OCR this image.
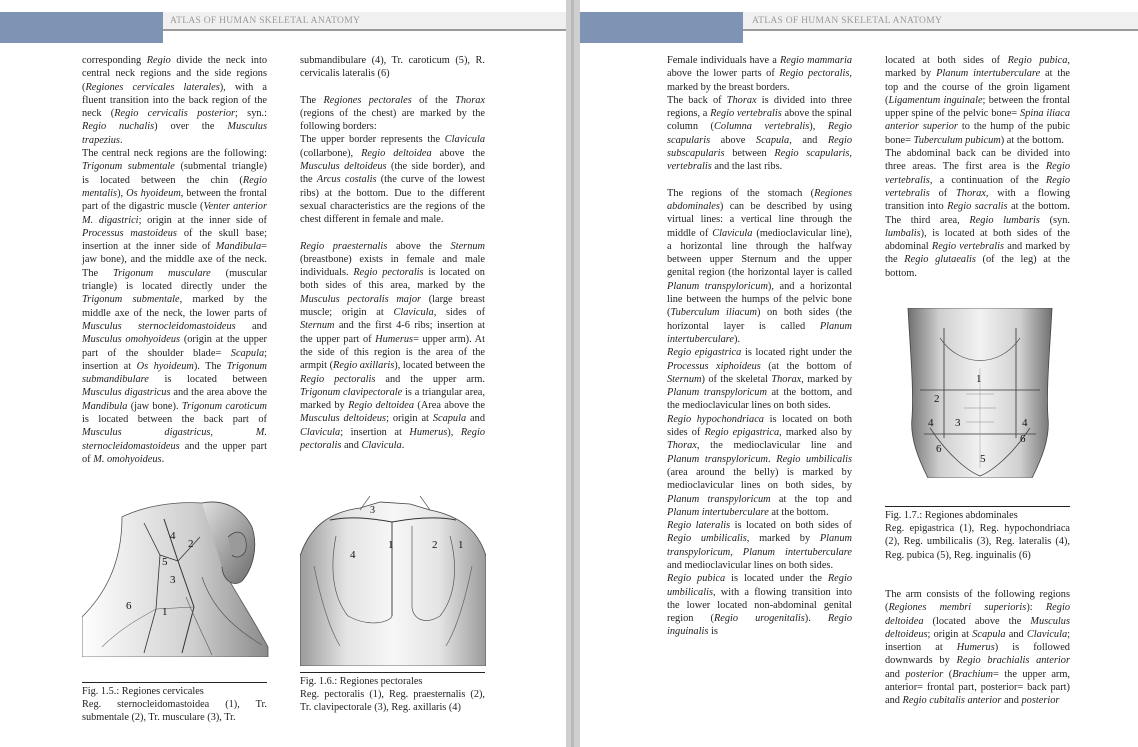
ATLAS OF HUMAN SKELETAL ANATOMY

corresponding Regio divide the neck into central neck regions and the side regions (Regiones cervicales laterales), with a fluent transition into the back region of the neck (Regio cervicalis posterior; syn.: Regio nuchalis) over the Musculus trapezius.

The central neck regions are the following: Trigonum submentale (submental triangle) is located between the chin (Regio mentalis), Os hyoideum, between the frontal part of the digastric muscle (Venter anterior M. digastrici; origin at the inner side of Processus mastoideus of the skull base; insertion at the inner side of Mandibula= jaw bone), and the middle axe of the neck. The Trigonum musculare (muscular triangle) is located directly under the Trigonum submentale, marked by the middle axe of the neck, the lower parts of Musculus sternocleidomastoideus and Musculus omohyoideus (origin at the upper part of the shoulder blade= Scapula; insertion at Os hyoideum). The Trigonum submandibulare is located between Musculus digastricus and the area above the Mandibula (jaw bone). Trigonum caroticum is located between the back part of Musculus digastricus, M. sternocleidomastoideus and the upper part of M. omohyoideus.

submandibulare (4), Tr. caroticum (5), R. cervicalis lateralis (6)

The Regiones pectorales of the Thorax (regions of the chest) are marked by the following borders:

The upper border represents the Clavicula (collarbone), Regio deltoidea above the Musculus deltoideus (the side border), and the Arcus costalis (the curve of the lowest ribs) at the bottom. Due to the different sexual characteristics are the regions of the chest different in female and male.

Regio praesternalis above the Sternum (breastbone) exists in female and male individuals. Regio pectoralis is located on both sides of this area, marked by the Musculus pectoralis major (large breast muscle; origin at Clavicula, sides of Sternum and the first 4-6 ribs; insertion at the upper part of Humerus= upper arm). At the side of this region is the area of the armpit (Regio axillaris), located between the Regio pectoralis and the upper arm. Trigonum clavipectorale is a triangular area, marked by Regio deltoidea (Area above the Musculus deltoideus; origin at Scapula and Clavicula; insertion at Humerus), Regio pectoralis and Clavicula.

4
2
5
3
6	1
Fig. 1.5.: Regiones cervicales
Reg. sternocleidomastoidea (1), Tr. submentale (2), Tr. musculare (3), Tr.
1	2 1
3
4
Fig. 1.6.: Regiones pectorales
Reg. pectoralis (1), Reg. praesternalis (2), Tr. clavipectorale (3), Reg. axillaris (4)
ATLAS OF HUMAN SKELETAL ANATOMY

Female individuals have a Regio mammaria above the lower parts of Regio pectoralis, marked by the breast borders.

The back of Thorax is divided into three regions, a Regio vertebralis above the spinal column (Columna vertebralis), Regio scapularis above Scapula, and Regio subscapularis between Regio scapularis, vertebralis and the last ribs.

The regions of the stomach (Regiones abdominales) can be described by using virtual lines: a vertical line through the middle of Clavicula (medioclavicular line), a horizontal line through the halfway between upper Sternum and the upper genital region (the horizontal layer is called Planum transpyloricum), and a horizontal line between the humps of the pelvic bone (Tuberculum iliacum) on both sides (the horizontal layer is called Planum intertuberculare).

Regio epigastrica is located right under the Processus xiphoideus (at the bottom of Sternum) of the skeletal Thorax, marked by Planum transpyloricum at the bottom, and the medioclavicular lines on both sides.

Regio hypochondriaca is located on both sides of Regio epigastrica, marked also by Thorax, the medioclavicular line and Planum transpyloricum. Regio umbilicalis (area around the belly) is marked by medioclavicular lines on both sides, by Planum transpyloricum at the top and Planum intertuberculare at the bottom.

Regio lateralis is located on both sides of Regio umbilicalis, marked by Planum transpyloricum, Planum intertuberculare and medioclavicular lines on both sides.

Regio pubica is located under the Regio umbilicalis, with a flowing transition into the lower located non-abdominal genital region (Regio urogenitalis). Regio inguinalis is

located at both sides of Regio pubica, marked by Planum intertuberculare at the top and the course of the groin ligament (Ligamentum inguinale; between the frontal upper spine of the pelvic bone= Spina iliaca anterior superior to the hump of the pubic bone= Tuberculum pubicum) at the bottom.

The abdominal back can be divided into three areas. The first area is the Regio vertebralis, a continuation of the Regio vertebralis of Thorax, with a flowing transition into Regio sacralis at the bottom. The third area, Regio lumbaris (syn. lumbalis), is located at both sides of the abdominal Regio vertebralis and marked by the Regio glutaealis (of the leg) at the bottom.

1
2
3
4	4
5
6
6
Fig. 1.7.: Regiones abdominales
Reg. epigastrica (1), Reg. hypochondriaca (2), Reg. umbilicalis (3), Reg. lateralis (4), Reg. pubica (5), Reg. inguinalis (6)

The arm consists of the following regions (Regiones membri superioris): Regio deltoidea (located above the Musculus deltoideus; origin at Scapula and Clavicula; insertion at Humerus) is followed downwards by Regio brachialis anterior and posterior (Brachium= the upper arm, anterior= frontal part, posterior= back part) and Regio cubitalis anterior and posterior
